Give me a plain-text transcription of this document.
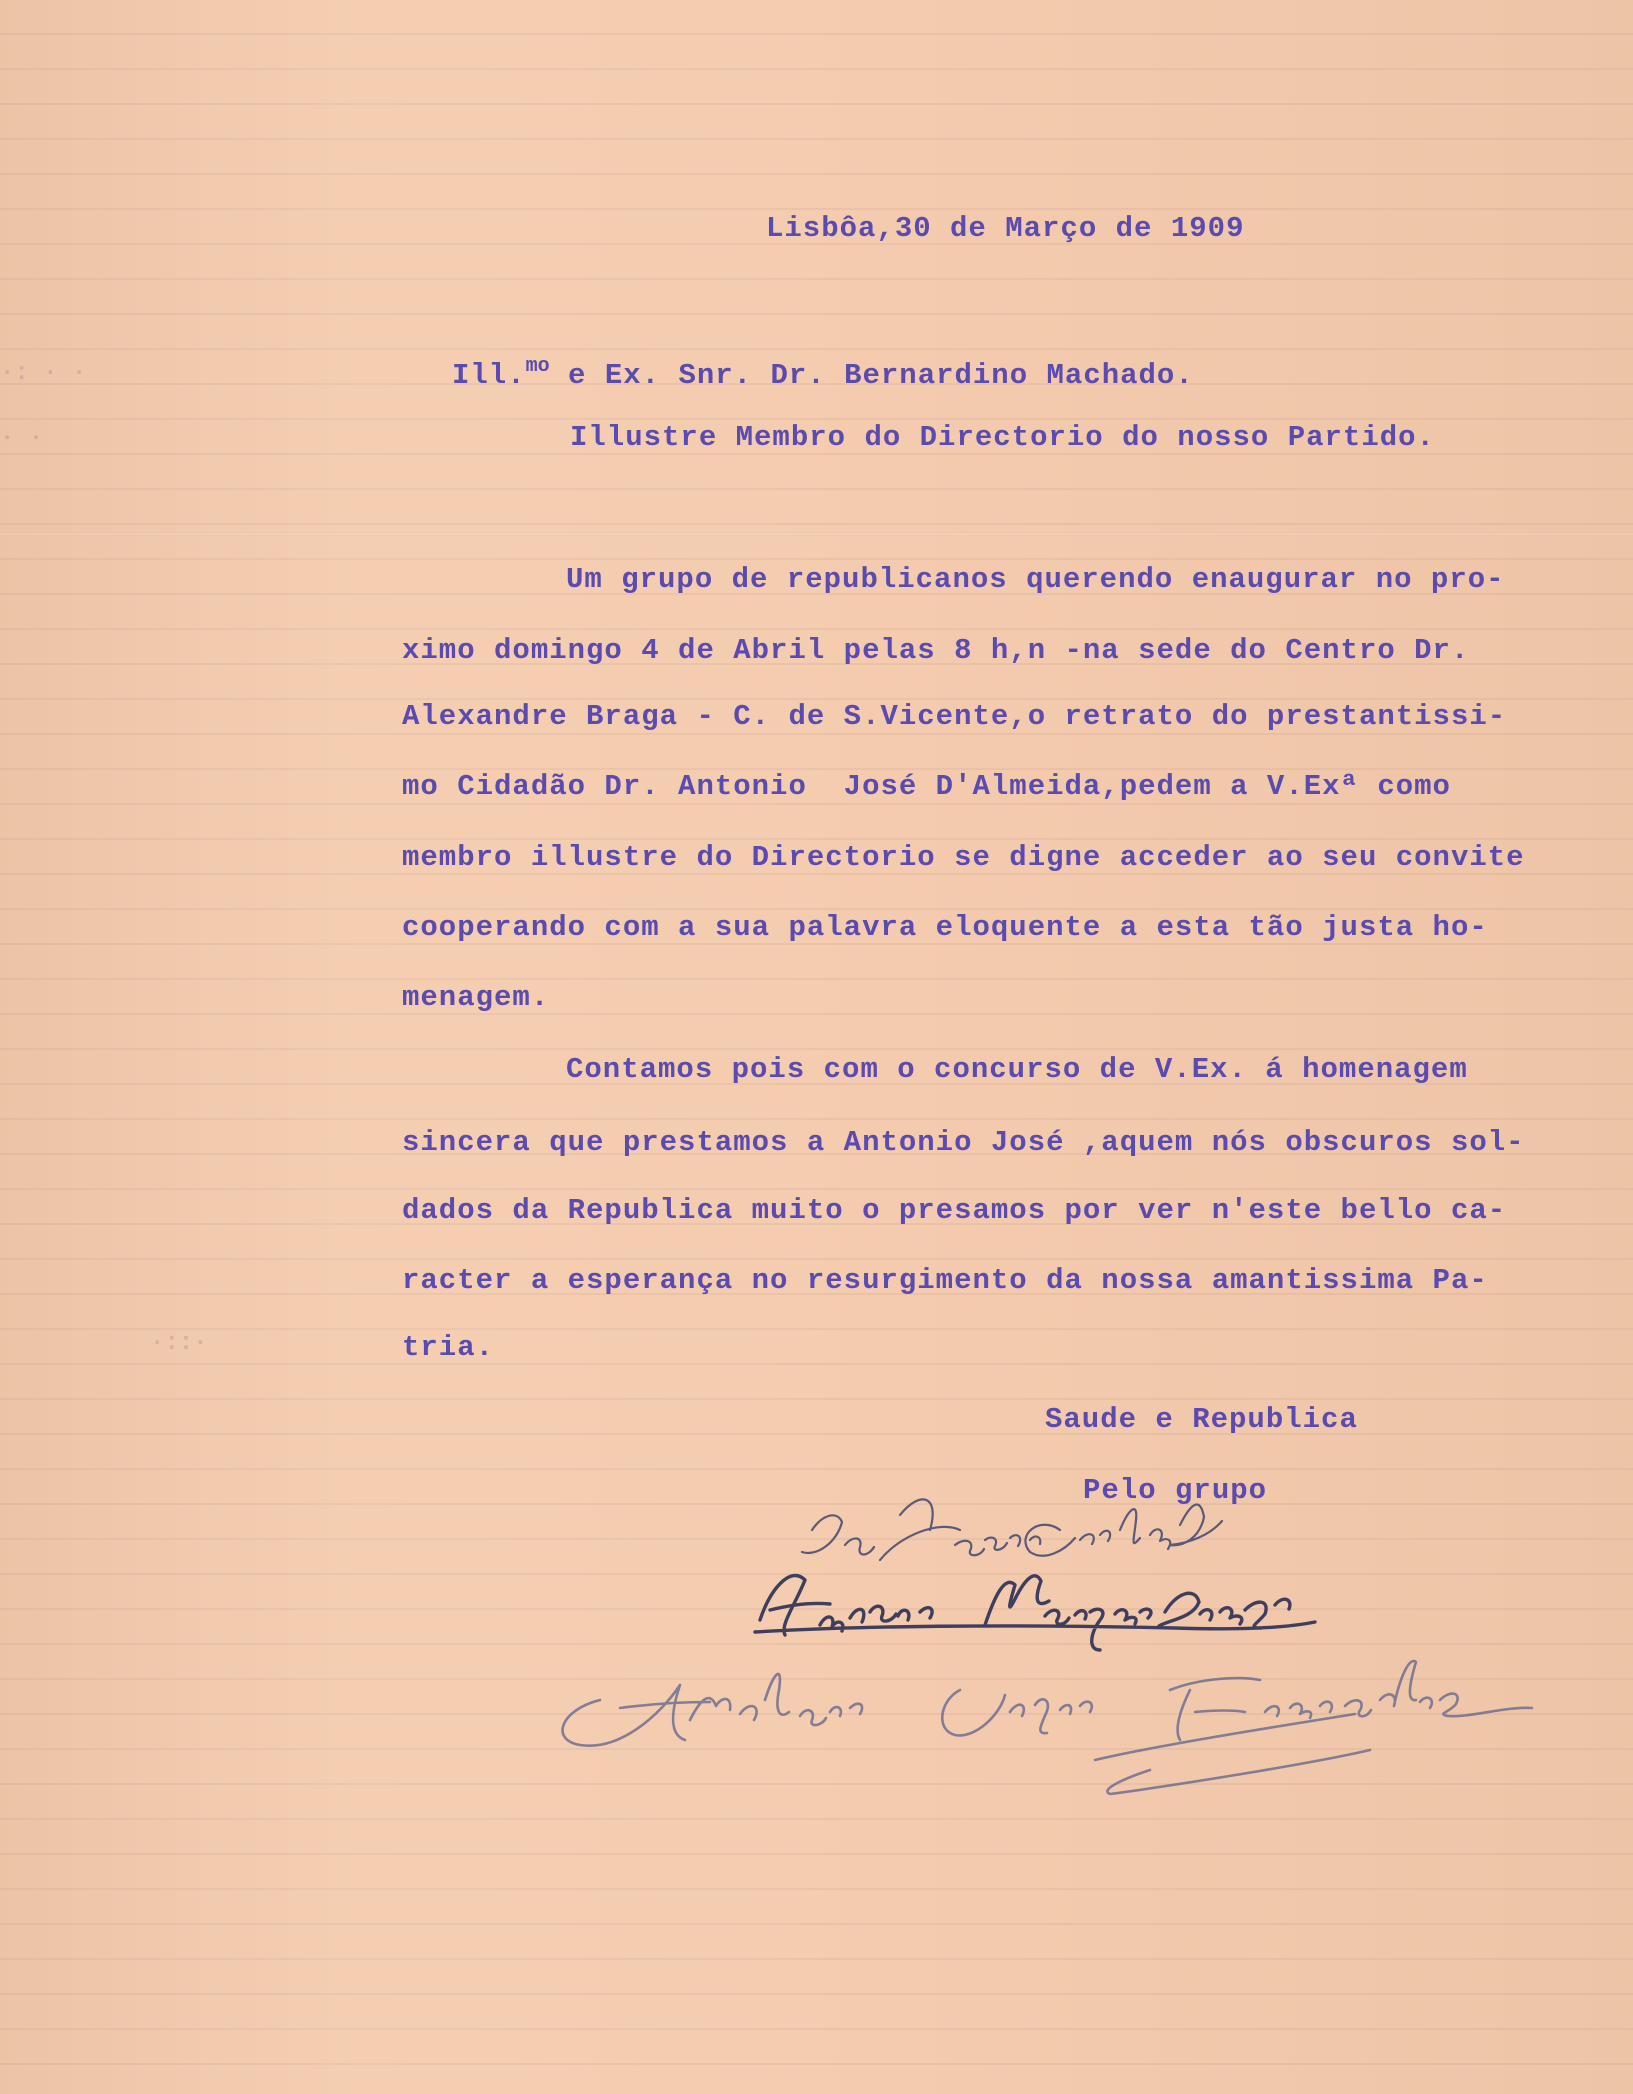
·: · ·
· ·
·::·
Lisbôa,30 de Março de 1909
Ill.$^{mo}$ e Ex. Snr. Dr. Bernardino Machado.
Illustre Membro do Directorio do nosso Partido.
Um grupo de republicanos querendo enaugurar no pro-
ximo domingo 4 de Abril pelas 8 h,n -na sede do Centro Dr.
Alexandre Braga - C. de S.Vicente,o retrato do prestantissi-
mo Cidadão Dr. Antonio  José D'Almeida,pedem a V.Exª como
membro illustre do Directorio se digne acceder ao seu convite
cooperando com a sua palavra eloquente a esta tão justa ho-
menagem.
Contamos pois com o concurso de V.Ex. á homenagem
sincera que prestamos a Antonio José ,aquem nós obscuros sol-
dados da Republica muito o presamos por ver n'este bello ca-
racter a esperança no resurgimento da nossa amantissima Pa-
tria.
Saude e Republica
Pelo grupo
